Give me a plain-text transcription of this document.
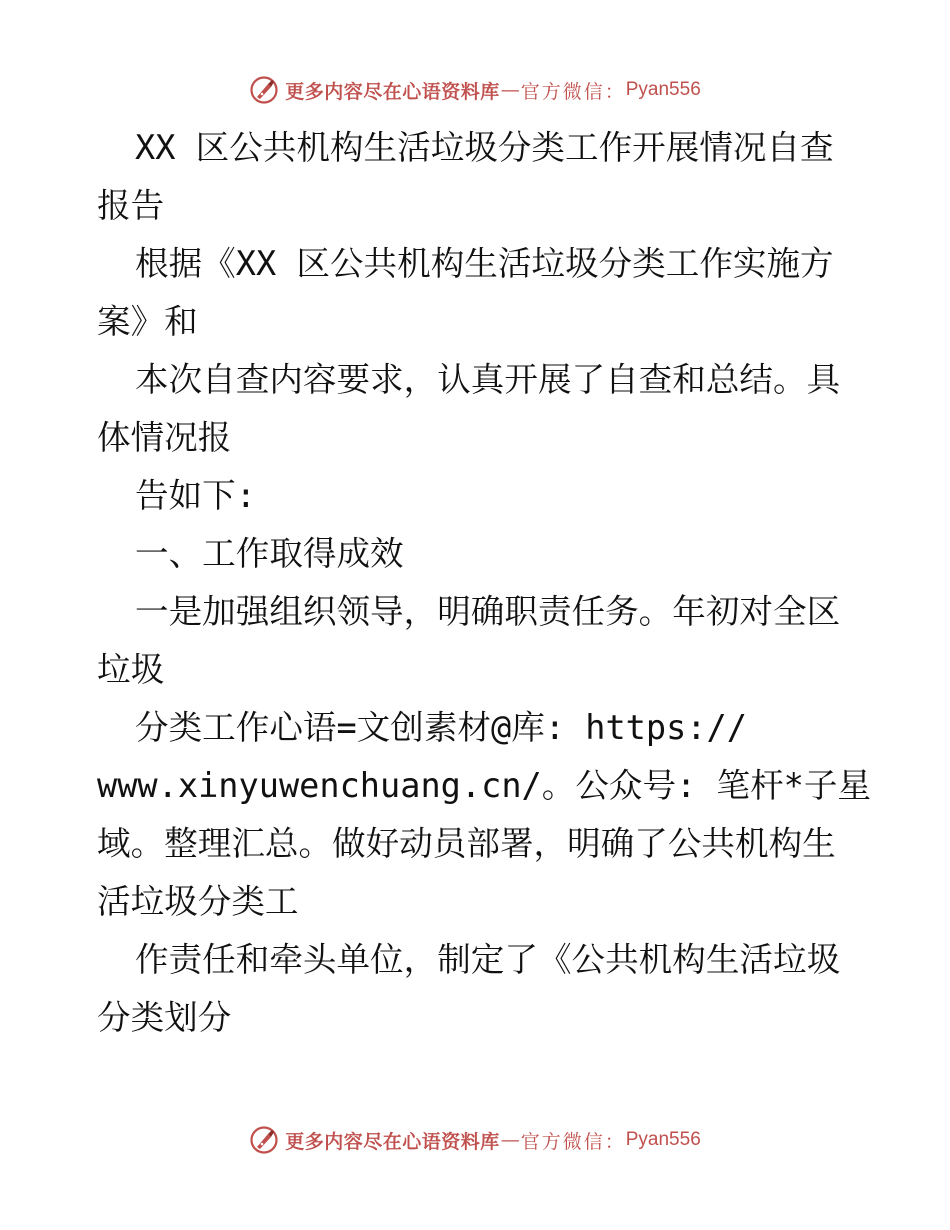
更多内容尽在心语资料库 — 官方微信： Pyan556

XX 区公共机构生活垃圾分类工作开展情况自查

报告

根据《XX 区公共机构生活垃圾分类工作实施方

案》和

本次自查内容要求，认真开展了自查和总结。具

体情况报

告如下:

一、工作取得成效

一是加强组织领导，明确职责任务。年初对全区

垃圾

分类工作心语=文创素材@库: https://

www.xinyuwenchuang.cn/。公众号: 笔杆*子星

域。整理汇总。做好动员部署，明确了公共机构生

活垃圾分类工

作责任和牵头单位，制定了《公共机构生活垃圾

分类划分

更多内容尽在心语资料库 — 官方微信： Pyan556
